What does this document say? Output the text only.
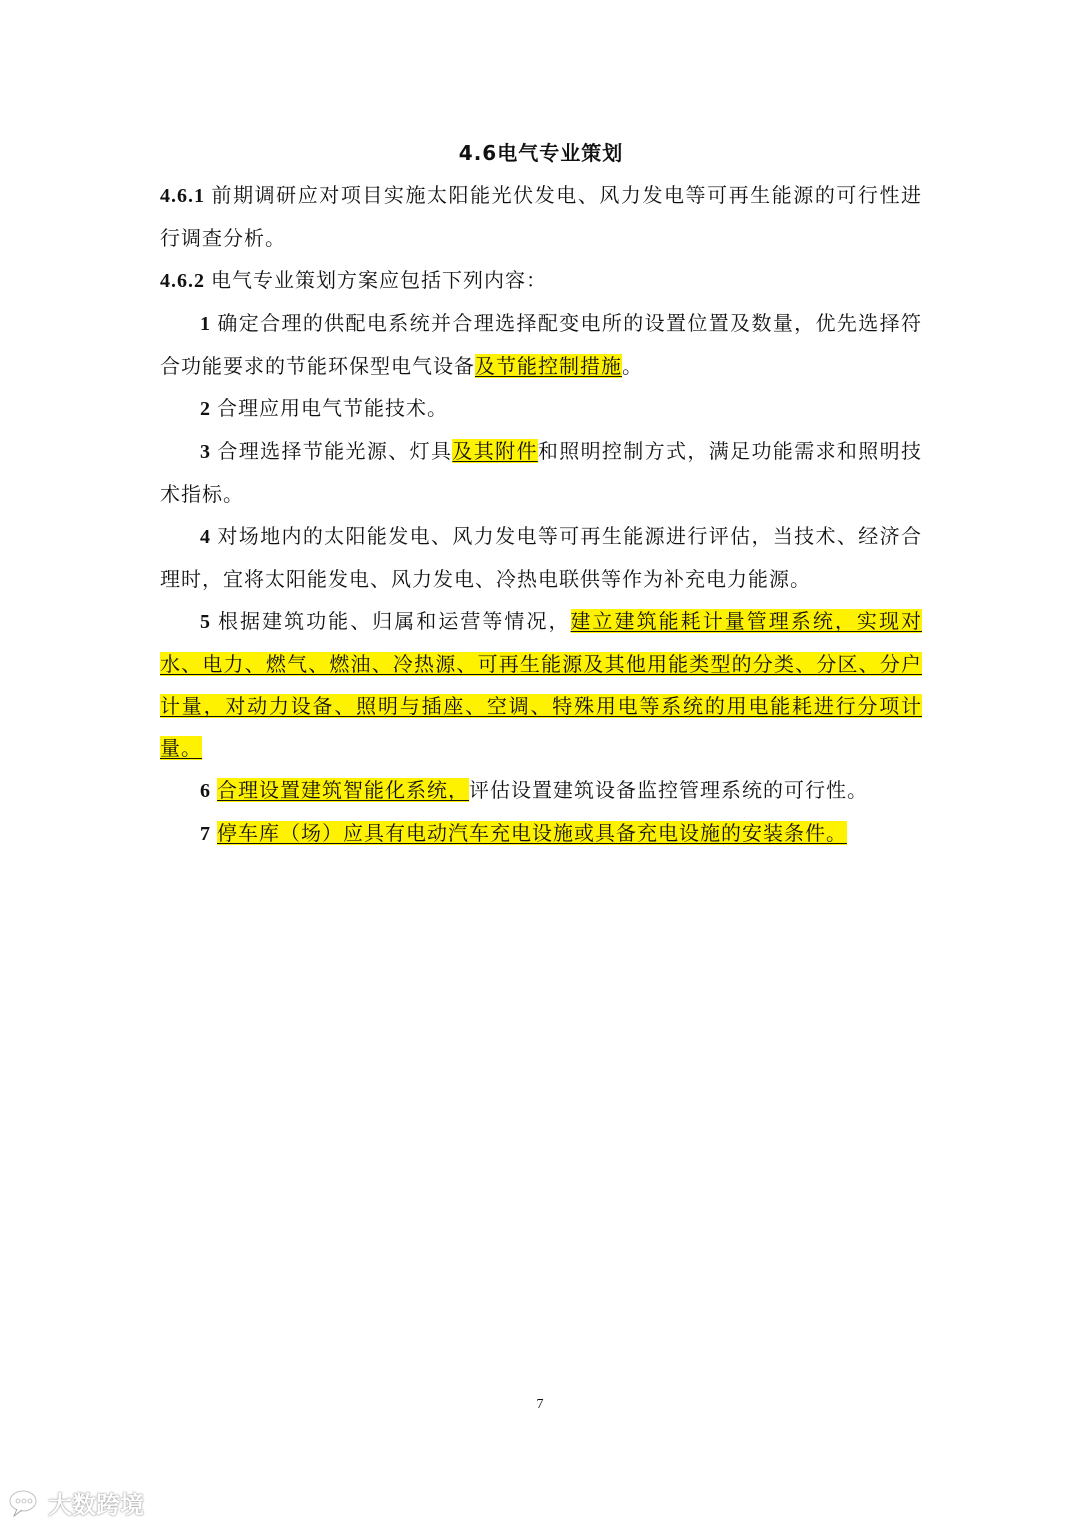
4.6电气专业策划

4.6.1 前期调研应对项目实施太阳能光伏发电、风力发电等可再生能源的可行性进行调查分析。

4.6.2 电气专业策划方案应包括下列内容：

1 确定合理的供配电系统并合理选择配变电所的设置位置及数量，优先选择符合功能要求的节能环保型电气设备及节能控制措施。

2 合理应用电气节能技术。

3 合理选择节能光源、灯具及其附件和照明控制方式，满足功能需求和照明技术指标。

4 对场地内的太阳能发电、风力发电等可再生能源进行评估，当技术、经济合理时，宜将太阳能发电、风力发电、冷热电联供等作为补充电力能源。

5 根据建筑功能、归属和运营等情况，建立建筑能耗计量管理系统，实现对水、电力、燃气、燃油、冷热源、可再生能源及其他用能类型的分类、分区、分户计量，对动力设备、照明与插座、空调、特殊用电等系统的用电能耗进行分项计量。

6 合理设置建筑智能化系统，评估设置建筑设备监控管理系统的可行性。

7 停车库（场）应具有电动汽车充电设施或具备充电设施的安装条件。

7
大数跨境
